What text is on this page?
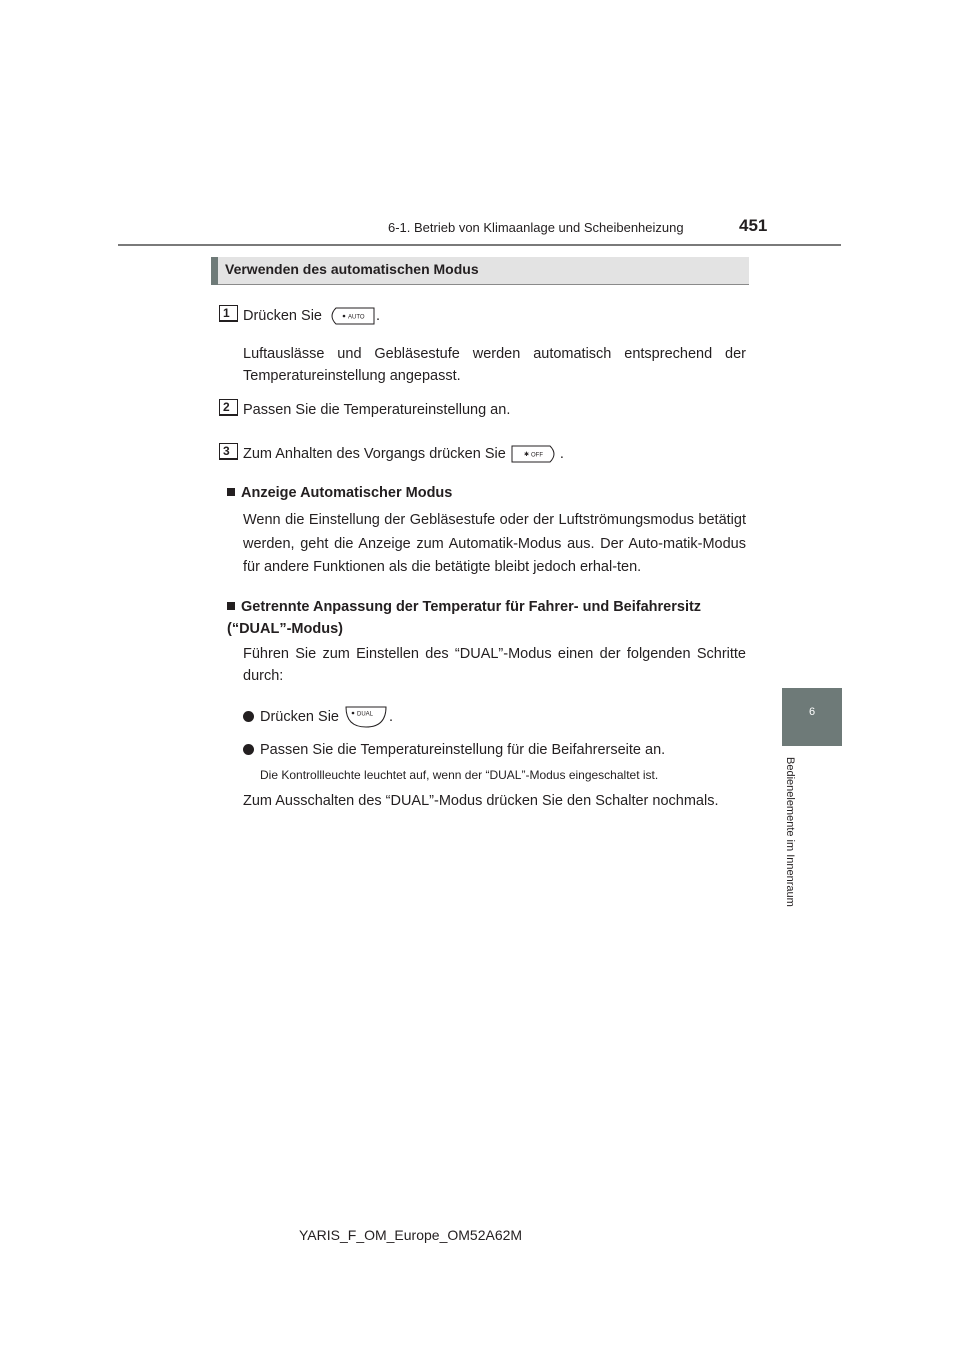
6-1. Betrieb von Klimaanlage und Scheibenheizung	451
6
Bedienelemente im Innenraum
Verwenden des automatischen Modus
1 Drücken Sie	AUTO .
Luftauslässe und Gebläsestufe werden automatisch entsprechend der Temperatureinstellung angepasst.
2 Passen Sie die Temperatureinstellung an.
3 Zum Anhalten des Vorgangs drücken Sie	✱ OFF .
Anzeige Automatischer Modus
Wenn die Einstellung der Gebläsestufe oder der Luftströmungsmodus betätigt werden, geht die Anzeige zum Automatik-Modus aus. Der Auto-matik-Modus für andere Funktionen als die betätigte bleibt jedoch erhal-ten.
Getrennte Anpassung der Temperatur für Fahrer- und Beifahrersitz (“DUAL”-Modus)
Führen Sie zum Einstellen des “DUAL”-Modus einen der folgenden Schritte durch:
Drücken Sie	DUAL .
Passen Sie die Temperatureinstellung für die Beifahrerseite an.
Die Kontrollleuchte leuchtet auf, wenn der “DUAL”-Modus eingeschaltet ist.
Zum Ausschalten des “DUAL”-Modus drücken Sie den Schalter nochmals.
YARIS_F_OM_Europe_OM52A62M
